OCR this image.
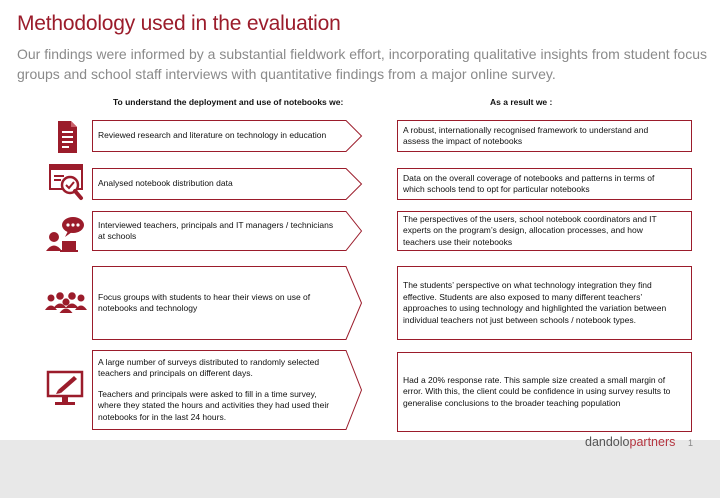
Methodology used in the evaluation

Our findings were informed by a substantial fieldwork effort, incorporating qualitative insights from student focus groups and school staff interviews with quantitative findings from a major online survey.

To understand the deployment and use of notebooks we:	As a result we :

Reviewed research and literature on technology in education

A robust, internationally recognised framework to understand and assess the impact of notebooks

Analysed notebook distribution data

Data on the overall coverage of notebooks and patterns in terms of which schools tend to opt for particular notebooks

Interviewed teachers, principals and IT managers / technicians at schools

The perspectives of the users, school notebook coordinators and IT experts on the program’s design, allocation processes, and how teachers use their notebooks

Focus groups with students to hear their views on use of notebooks and technology

The students’ perspective on what technology integration they find effective. Students are also exposed to many different teachers’ approaches to using technology and highlighted the variation between individual teachers not just between schools / notebook types.

A large number of surveys distributed to randomly selected teachers and principals on different days.

Teachers and principals were asked to fill in a time survey, where they stated the hours and activities they had used their notebooks for in the last 24 hours.

Had a 20% response rate. This sample size created a small margin of error. With this, the client could be confidence in using survey results to generalise conclusions to the broader teaching population

dandolopartners 1
